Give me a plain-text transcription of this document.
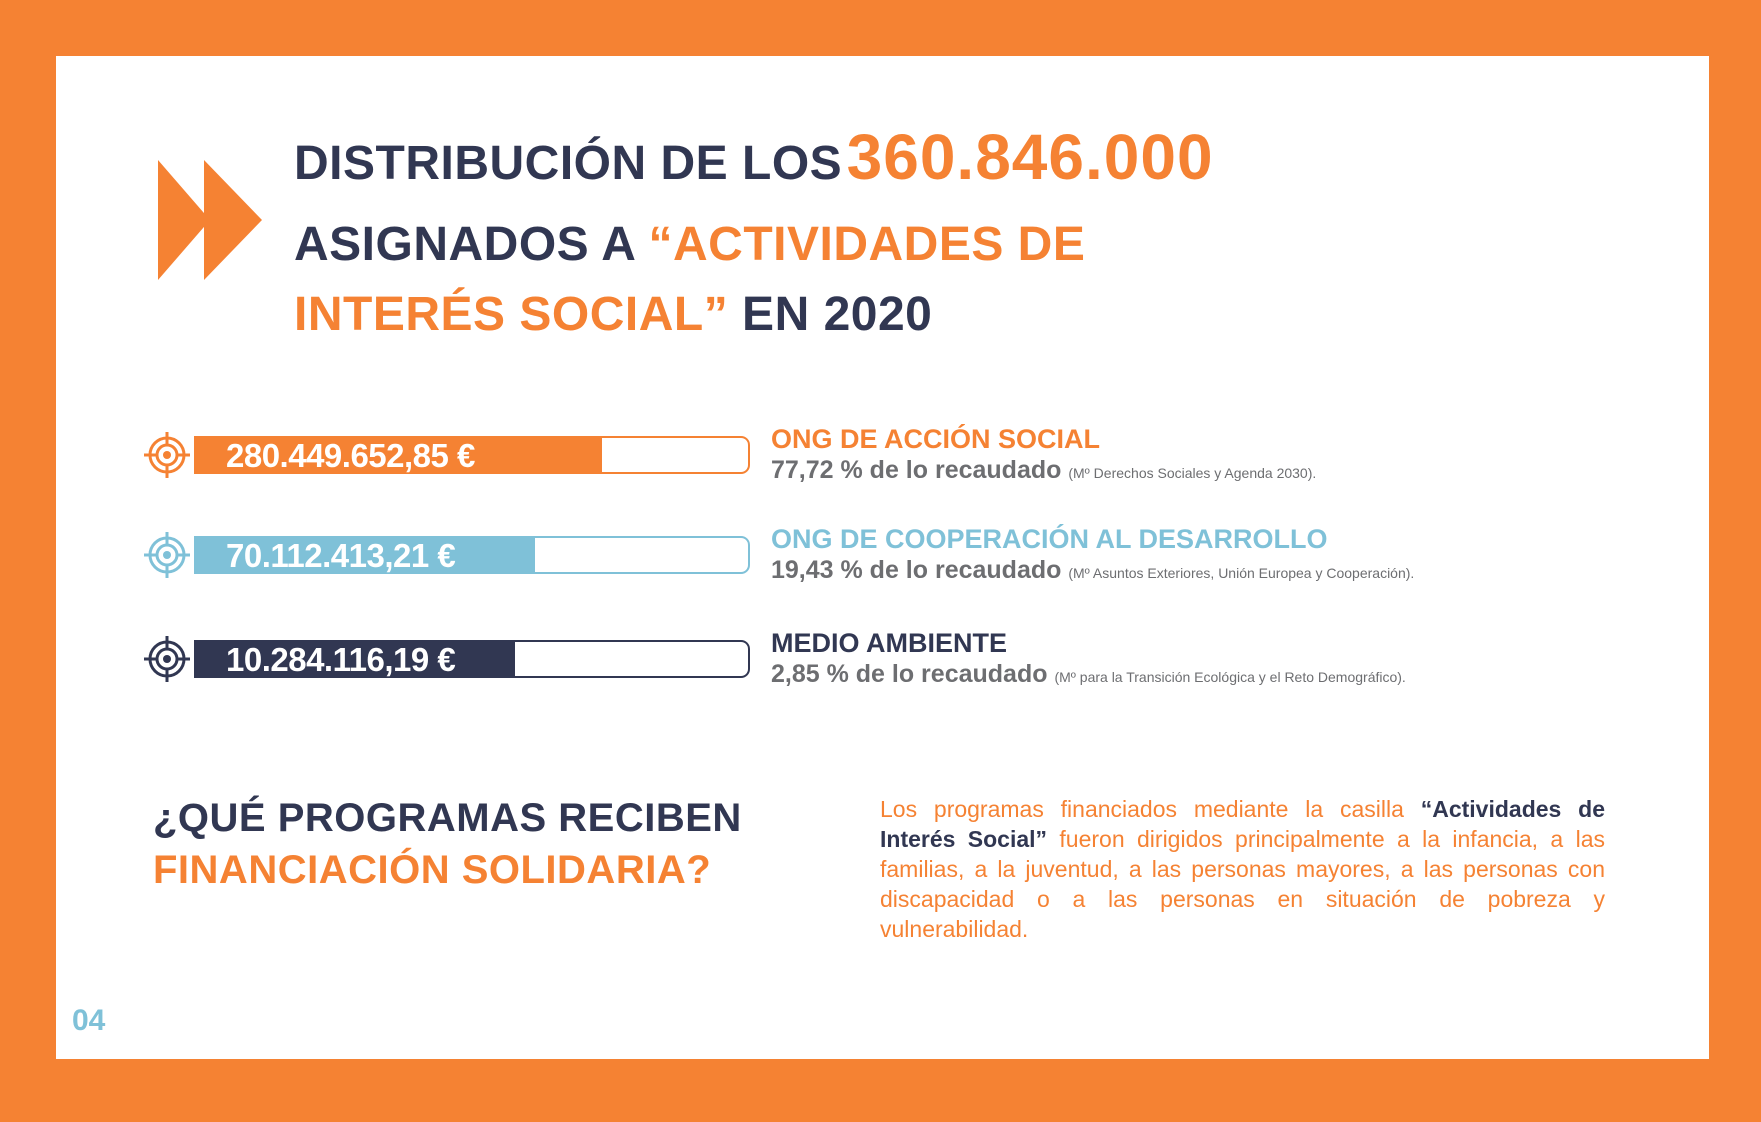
DISTRIBUCIÓN DE LOS 360.846.000
ASIGNADOS A “ACTIVIDADES DE
INTERÉS SOCIAL” EN 2020
280.449.652,85 €	ONG DE ACCIÓN SOCIAL
77,72 % de lo recaudado (Mº Derechos Sociales y Agenda 2030).
70.112.413,21 €	ONG DE COOPERACIÓN AL DESARROLLO
19,43 % de lo recaudado (Mº Asuntos Exteriores, Unión Europea y Cooperación).
10.284.116,19 €	MEDIO AMBIENTE
2,85 % de lo recaudado (Mº para la Transición Ecológica y el Reto Demográfico).
¿QUÉ PROGRAMAS RECIBEN
FINANCIACIÓN SOLIDARIA?
Los programas financiados mediante la casilla “Actividades de Interés Social” fueron dirigidos principalmente a la infancia, a las familias, a la juventud, a las personas mayores, a las personas con discapacidad o a las personas en situación de pobreza y vulnerabilidad.
04
